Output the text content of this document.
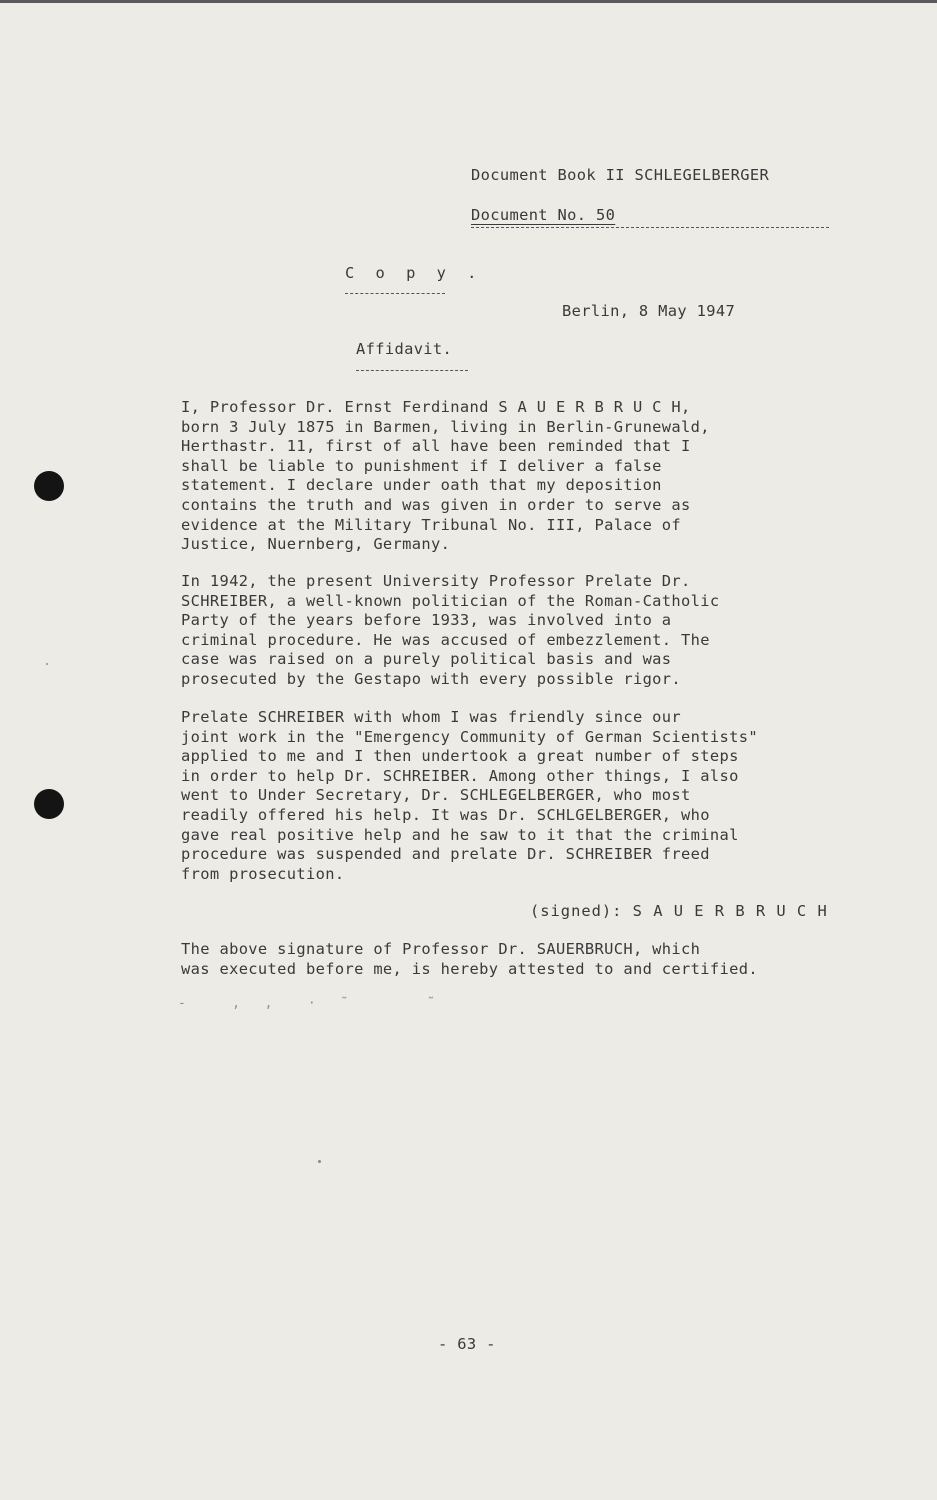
Document Book II SCHLEGELBERGER
Document No. 50
C o p y .
Berlin, 8 May 1947
Affidavit.
I, Professor Dr. Ernst Ferdinand S A U E R B R U C H,
born 3 July 1875 in Barmen, living in Berlin-Grunewald,
Herthastr. 11, first of all have been reminded that I
shall be liable to punishment if I deliver a false
statement. I declare under oath that my deposition
contains the truth and was given in order to serve as
evidence at the Military Tribunal No. III, Palace of
Justice, Nuernberg, Germany.
In 1942, the present University Professor Prelate Dr.
SCHREIBER, a well-known politician of the Roman-Catholic
Party of the years before 1933, was involved into a
criminal procedure. He was accused of embezzlement. The
case was raised on a purely political basis and was
prosecuted by the Gestapo with every possible rigor.
Prelate SCHREIBER with whom I was friendly since our
joint work in the "Emergency Community of German Scientists"
applied to me and I then undertook a great number of steps
in order to help Dr. SCHREIBER. Among other things, I also
went to Under Secretary, Dr. SCHLEGELBERGER, who most
readily offered his help. It was Dr. SCHLGELBERGER, who
gave real positive help and he saw to it that the criminal
procedure was suspended and prelate Dr. SCHREIBER freed
from prosecution.
(signed): S A U E R B R U C H
The above signature of Professor Dr. SAUERBRUCH, which
was executed before me, is hereby attested to and certified.
-    ‚  ,   ·  ˜       ˜
- 63 -
